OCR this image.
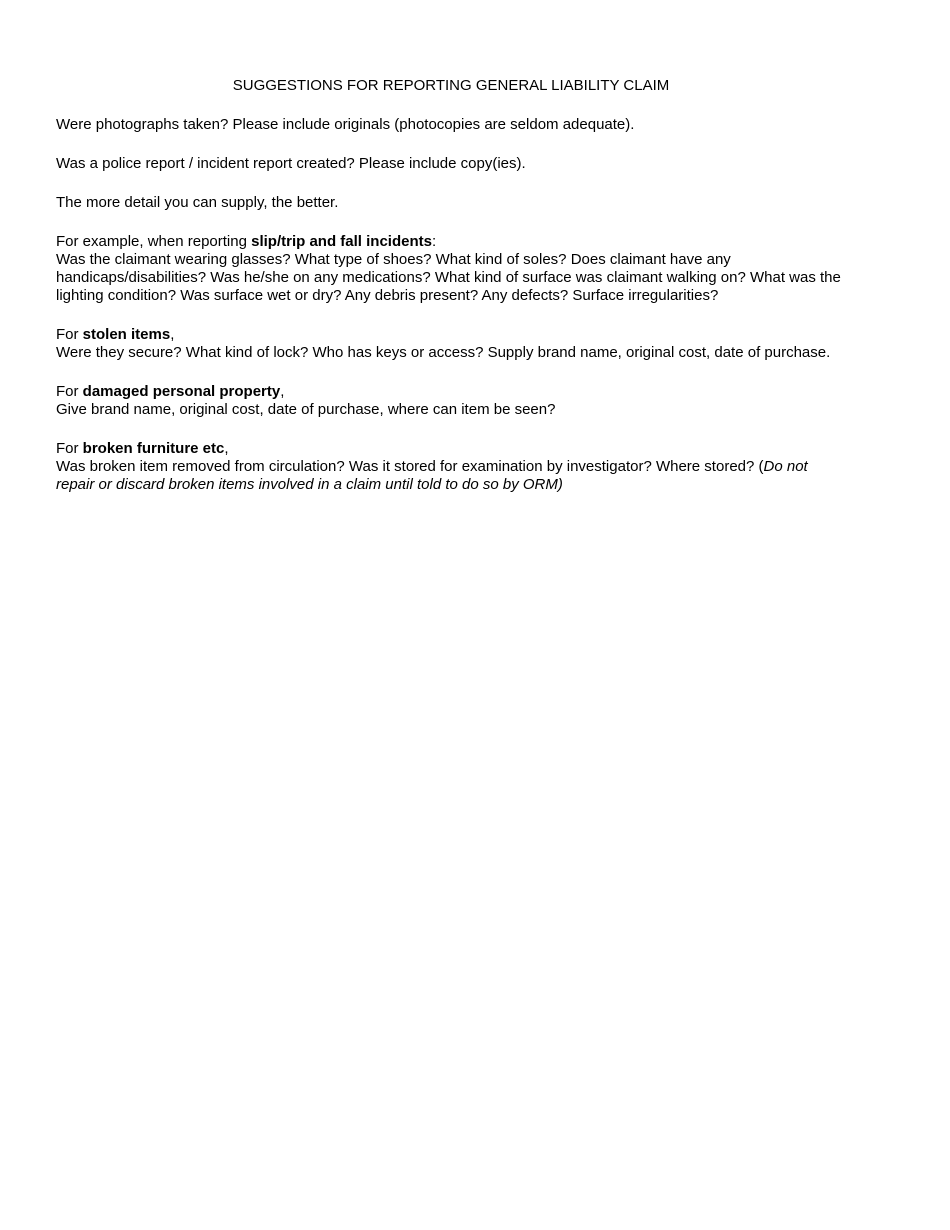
SUGGESTIONS FOR REPORTING GENERAL LIABILITY CLAIM
Were photographs taken? Please include originals (photocopies are seldom adequate).
Was a police report / incident report created? Please include copy(ies).
The more detail you can supply, the better.
For example, when reporting slip/trip and fall incidents:
Was the claimant wearing glasses? What type of shoes? What kind of soles? Does claimant have any handicaps/disabilities? Was he/she on any medications? What kind of surface was claimant walking on? What was the lighting condition? Was surface wet or dry? Any debris present? Any defects? Surface irregularities?
For stolen items,
Were they secure? What kind of lock? Who has keys or access? Supply brand name, original cost, date of purchase.
For damaged personal property,
Give brand name, original cost, date of purchase, where can item be seen?
For broken furniture etc,
Was broken item removed from circulation? Was it stored for examination by investigator? Where stored? (Do not repair or discard broken items involved in a claim until told to do so by ORM)
